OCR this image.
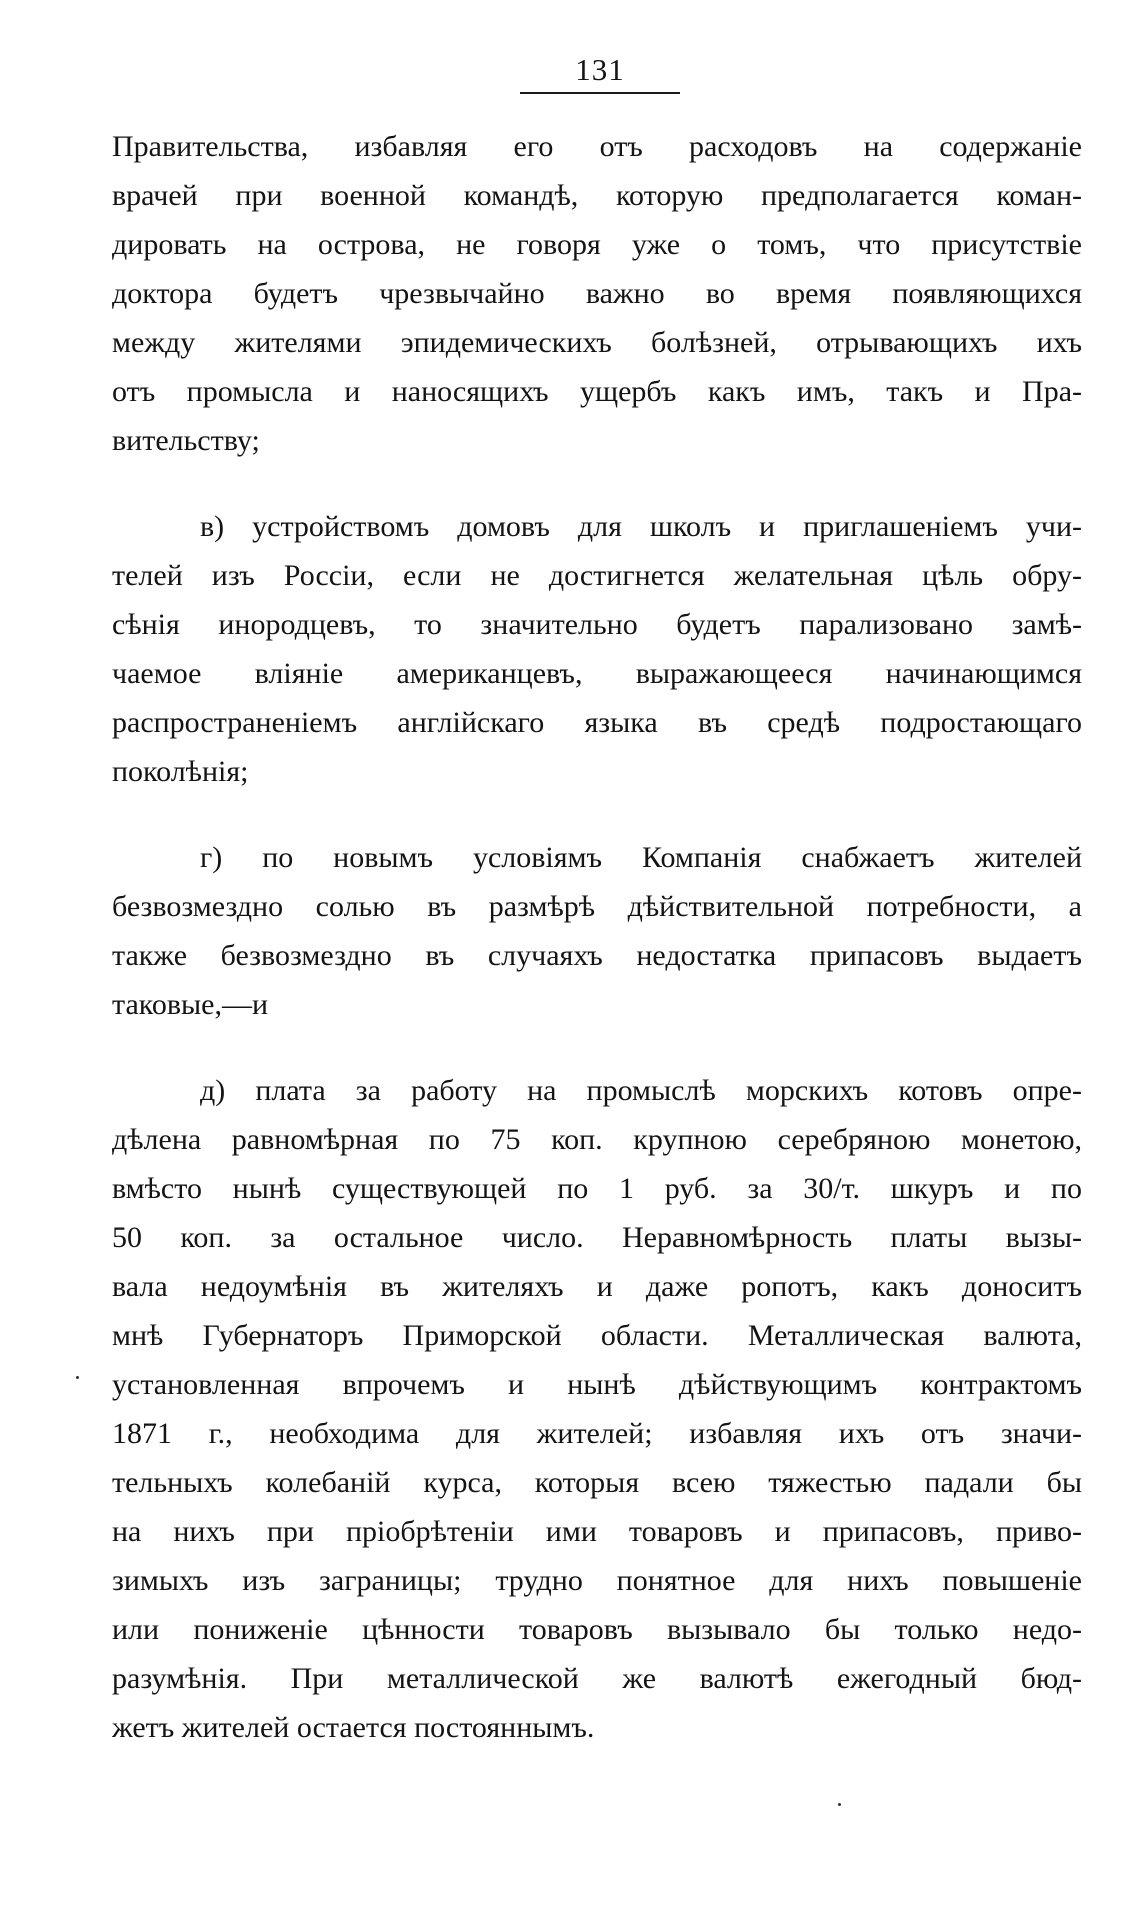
131

Правительства, избавляя его отъ расходовъ на содержаніе
врачей при военной командѣ, которую предполагается коман-
дировать на острова, не говоря уже о томъ, что присутствіе
доктора будетъ чрезвычайно важно во время появляющихся
между жителями эпидемическихъ болѣзней, отрывающихъ ихъ
отъ промысла и наносящихъ ущербъ какъ имъ, такъ и Пра-
вительству;

в) устройствомъ домовъ для школъ и приглашеніемъ учи-
телей изъ Россіи, если не достигнется желательная цѣль обру-
сѣнія инородцевъ, то значительно будетъ парализовано замѣ-
чаемое вліяніе американцевъ, выражающееся начинающимся
распространеніемъ англійскаго языка въ средѣ подростающаго
поколѣнія;

г) по новымъ условіямъ Компанія снабжаетъ жителей
безвозмездно солью въ размѣрѣ дѣйствительной потребности, а
также безвозмездно въ случаяхъ недостатка припасовъ выдаетъ
таковые,—и

д) плата за работу на промыслѣ морскихъ котовъ опре-
дѣлена равномѣрная по 75 коп. крупною серебряною монетою,
вмѣсто нынѣ существующей по 1 руб. за 30/т. шкуръ и по
50 коп. за остальное число. Неравномѣрность платы вызы-
вала недоумѣнія въ жителяхъ и даже ропотъ, какъ доноситъ
мнѣ Губернаторъ Приморской области. Металлическая валюта,
установленная впрочемъ и нынѣ дѣйствующимъ контрактомъ
1871 г., необходима для жителей; избавляя ихъ отъ значи-
тельныхъ колебаній курса, которыя всею тяжестью падали бы
на нихъ при пріобрѣтеніи ими товаровъ и припасовъ, приво-
зимыхъ изъ заграницы; трудно понятное для нихъ повышеніе
или пониженіе цѣнности товаровъ вызывало бы только недо-
разумѣнія. При металлической же валютѣ ежегодный бюд-
жетъ жителей остается постояннымъ.
